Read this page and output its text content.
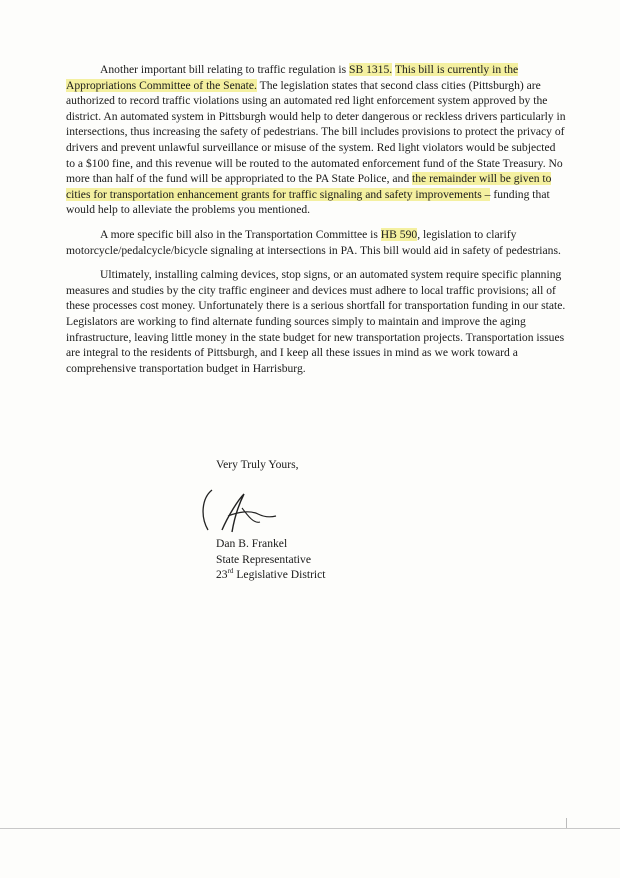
Another important bill relating to traffic regulation is SB 1315. This bill is currently in the Appropriations Committee of the Senate. The legislation states that second class cities (Pittsburgh) are authorized to record traffic violations using an automated red light enforcement system approved by the district. An automated system in Pittsburgh would help to deter dangerous or reckless drivers particularly in intersections, thus increasing the safety of pedestrians. The bill includes provisions to protect the privacy of drivers and prevent unlawful surveillance or misuse of the system. Red light violators would be subjected to a $100 fine, and this revenue will be routed to the automated enforcement fund of the State Treasury. No more than half of the fund will be appropriated to the PA State Police, and the remainder will be given to cities for transportation enhancement grants for traffic signaling and safety improvements – funding that would help to alleviate the problems you mentioned.

A more specific bill also in the Transportation Committee is HB 590, legislation to clarify motorcycle/pedalcycle/bicycle signaling at intersections in PA. This bill would aid in safety of pedestrians.

Ultimately, installing calming devices, stop signs, or an automated system require specific planning measures and studies by the city traffic engineer and devices must adhere to local traffic provisions; all of these processes cost money. Unfortunately there is a serious shortfall for transportation funding in our state. Legislators are working to find alternate funding sources simply to maintain and improve the aging infrastructure, leaving little money in the state budget for new transportation projects. Transportation issues are integral to the residents of Pittsburgh, and I keep all these issues in mind as we work toward a comprehensive transportation budget in Harrisburg.

Very Truly Yours,
Dan B. Frankel
State Representative
23rd Legislative District
